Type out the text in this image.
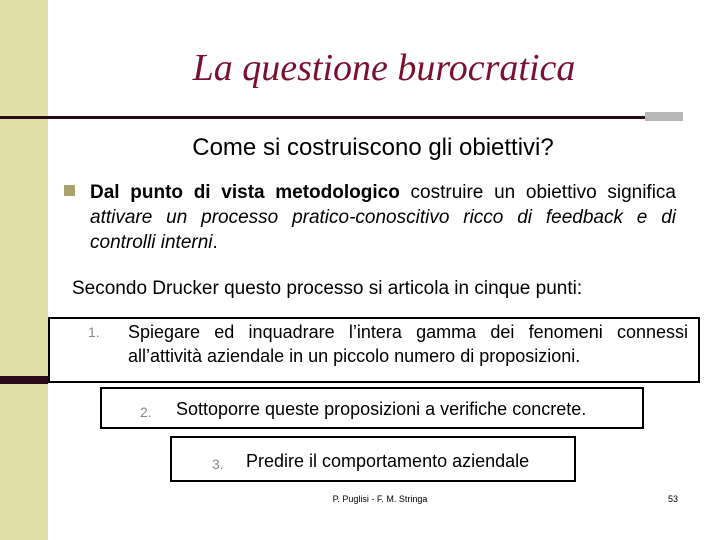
La questione burocratica
Come si costruiscono gli obiettivi?
Dal punto di vista metodologico costruire un obiettivo significa attivare un processo pratico-conoscitivo ricco di feedback e di controlli interni.
Secondo Drucker questo processo si articola in cinque punti:
1. Spiegare ed inquadrare l’intera gamma dei fenomeni connessi all’attività aziendale in un piccolo numero di proposizioni.
2. Sottoporre queste proposizioni a verifiche concrete.
3. Predire il comportamento aziendale
P. Puglisi - F. M. Stringa	53
